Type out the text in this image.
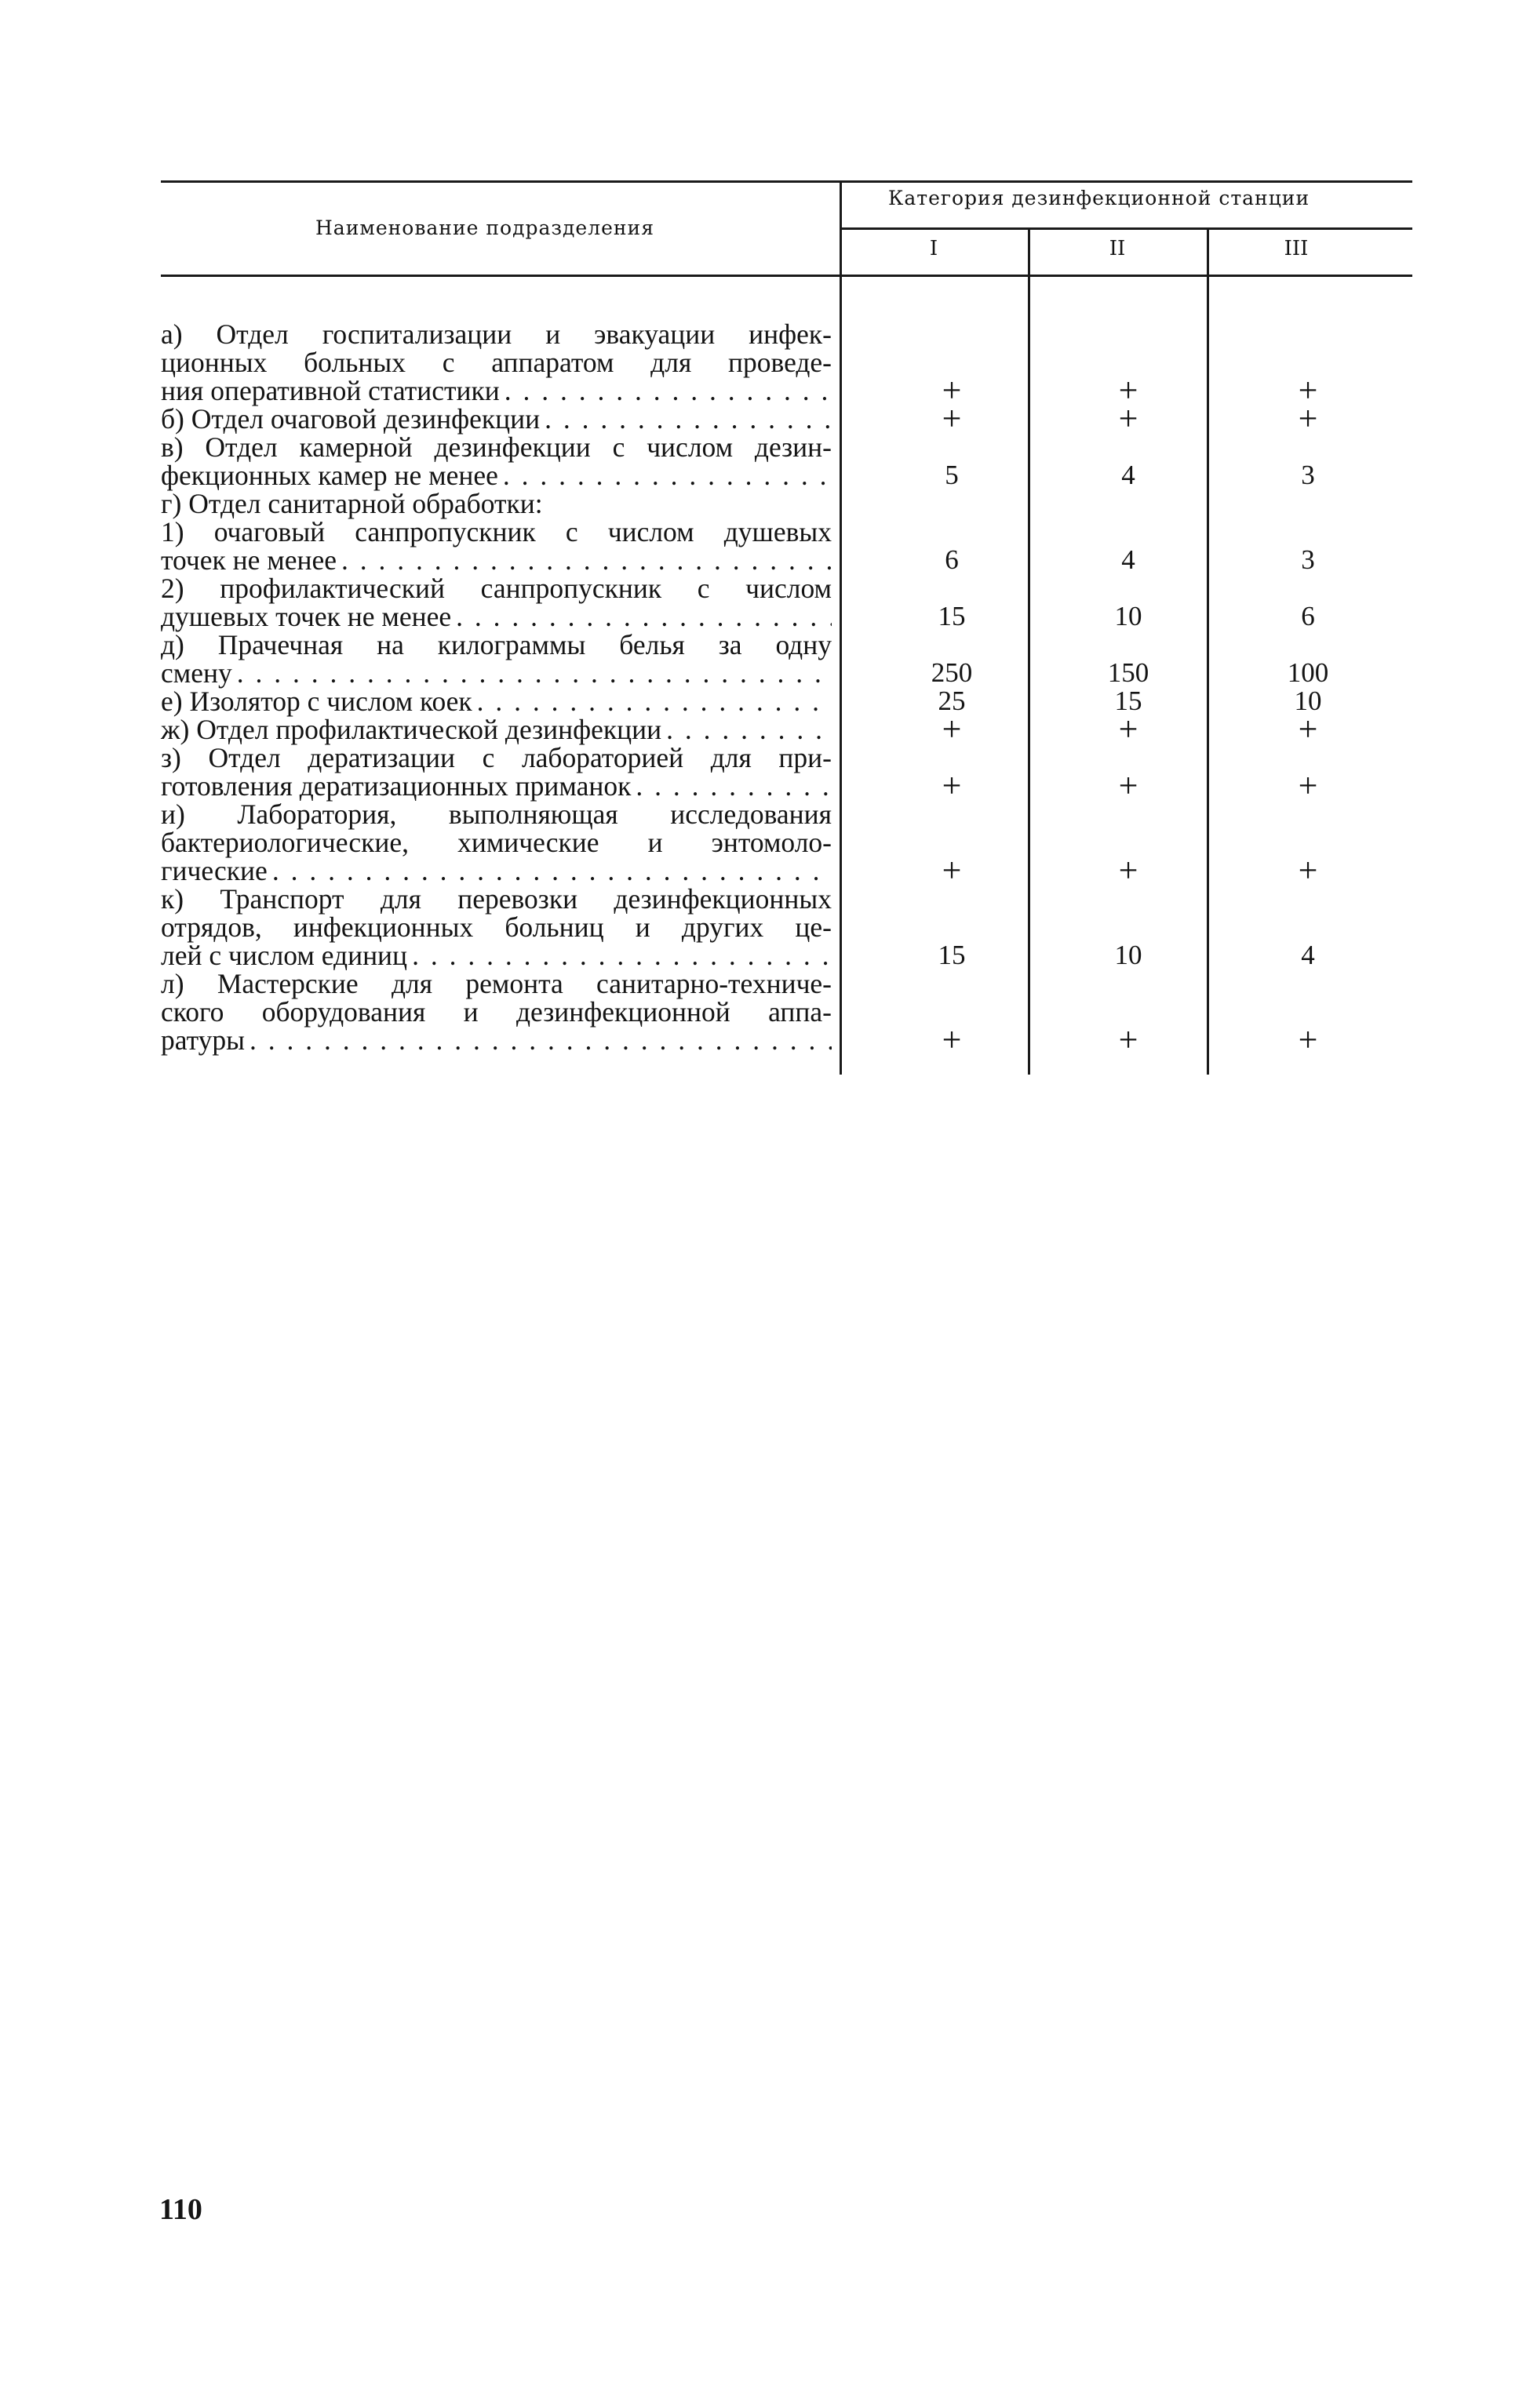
Наименование подразделения
Категория дезинфекционной станции
I	II	III
а) Отдел госпитализации и эвакуации инфек-
ционных больных с аппаратом для проведе-
ния оперативной статистики . . .	+	+	+
б) Отдел очаговой дезинфекции . . .	+	+	+
в) Отдел камерной дезинфекции с числом дезин-
фекционных камер не менее . . .	5	4	3
г) Отдел санитарной обработки:
1) очаговый санпропускник с числом душевых
точек не менее . . .	6	4	3
2) профилактический санпропускник с числом
душевых точек не менее . . .	15	10	6
д) Прачечная на килограммы белья за одну
смену . . .	250	150	100
е) Изолятор с числом коек . . .	25	15	10
ж) Отдел профилактической дезинфекции . . .	+	+	+
з) Отдел дератизации с лабораторией для при-
готовления дератизационных приманок . . .	+	+	+
и) Лаборатория, выполняющая исследования
бактериологические, химические и энтомоло-
гические . . .	+	+	+
к) Транспорт для перевозки дезинфекционных
отрядов, инфекционных больниц и других це-
лей с числом единиц . . .	15	10	4
л) Мастерские для ремонта санитарно-техниче-
ского оборудования и дезинфекционной аппа-
ратуры . . .	+	+	+
110
